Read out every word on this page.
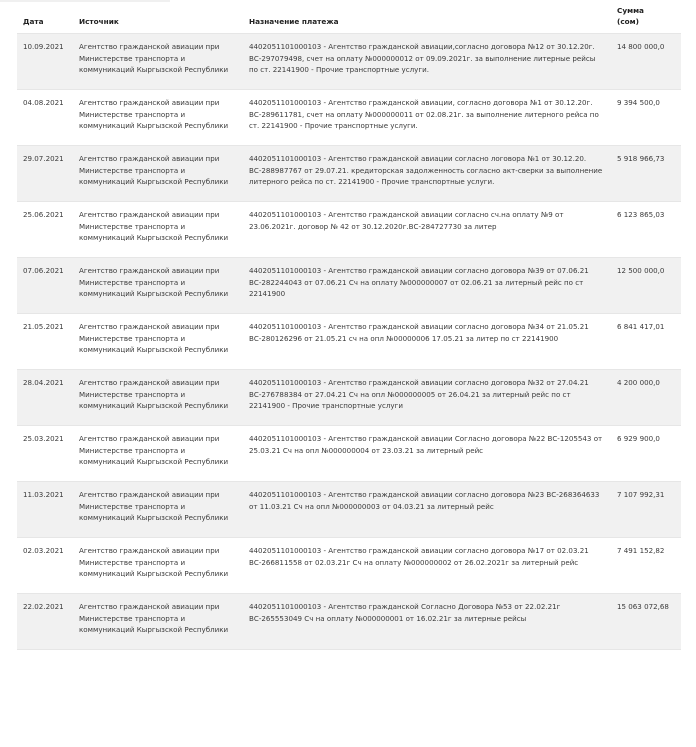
Дата	Источник	Назначение платежа	Сумма
(сом)
10.09.2021	Агентство гражданской авиации при Министерстве транспорта и коммуникаций Кыргызской Республики	4402051101000103 - Агентство гражданской авиации,согласно договора №12 от 30.12.20г. ВС-297079498, счет на оплату №000000012 от 09.09.2021г. за выполнение литерные рейсы по ст. 22141900 - Прочие транспортные услуги.	14 800 000,0
04.08.2021	Агентство гражданской авиации при Министерстве транспорта и коммуникаций Кыргызской Республики	4402051101000103 - Агентство гражданской авиации, согласно договора №1 от 30.12.20г. ВС-289611781, счет на оплату №000000011 от 02.08.21г. за выполнение литерного рейса по ст. 22141900 - Прочие транспортные услуги.	9 394 500,0
29.07.2021	Агентство гражданской авиации при Министерстве транспорта и коммуникаций Кыргызской Республики	4402051101000103 - Агентство гражданской авиации согласно логовора №1 от 30.12.20. ВС-288987767 от 29.07.21. кредиторская задолженность согласно акт-сверки за выполнение литерного рейса по ст. 22141900 - Прочие транспортные услуги.	5 918 966,73
25.06.2021	Агентство гражданской авиации при Министерстве транспорта и коммуникаций Кыргызской Республики	4402051101000103 - Агентство гражданской авиации согласно сч.на оплату №9 от 23.06.2021г. договор № 42 от 30.12.2020г.ВС-284727730 за литер	6 123 865,03
07.06.2021	Агентство гражданской авиации при Министерстве транспорта и коммуникаций Кыргызской Республики	4402051101000103 - Агентство гражданской авиации согласно договора №39 от 07.06.21 ВС-282244043 от 07.06.21 Сч на оплату №000000007 от 02.06.21 за литерный рейс по ст 22141900	12 500 000,0
21.05.2021	Агентство гражданской авиации при Министерстве транспорта и коммуникаций Кыргызской Республики	4402051101000103 - Агентство гражданской авиации согласно договора №34 от 21.05.21 ВС-280126296 от 21.05.21 сч на опл №00000006 17.05.21 за литер по ст 22141900	6 841 417,01
28.04.2021	Агентство гражданской авиации при Министерстве транспорта и коммуникаций Кыргызской Республики	4402051101000103 - Агентство гражданской авиации согласно договора №32 от 27.04.21 ВС-276788384 от 27.04.21 Сч на опл №000000005 от 26.04.21 за литерный рейс по ст 22141900 - Прочие транспортные услуги	4 200 000,0
25.03.2021	Агентство гражданской авиации при Министерстве транспорта и коммуникаций Кыргызской Республики	4402051101000103 - Агентство гражданской авиации Согласно договора №22 ВС-1205543 от 25.03.21 Сч на опл №000000004 от 23.03.21 за литерный рейс	6 929 900,0
11.03.2021	Агентство гражданской авиации при Министерстве транспорта и коммуникаций Кыргызской Республики	4402051101000103 - Агентство гражданской авиации согласно договора №23 ВС-268364633 от 11.03.21 Сч на опл №000000003 от 04.03.21 за литерный рейс	7 107 992,31
02.03.2021	Агентство гражданской авиации при Министерстве транспорта и коммуникаций Кыргызской Республики	4402051101000103 - Агентство гражданской авиации согласно договора №17 от 02.03.21 ВС-266811558 от 02.03.21г Сч на оплату №000000002 от 26.02.2021г за литерный рейс	7 491 152,82
22.02.2021	Агентство гражданской авиации при Министерстве транспорта и коммуникаций Кыргызской Республики	4402051101000103 - Агентство гражданской Согласно Договора №53 от 22.02.21г ВС-265553049 Сч на оплату №000000001 от 16.02.21г за литерные рейсы	15 063 072,68
